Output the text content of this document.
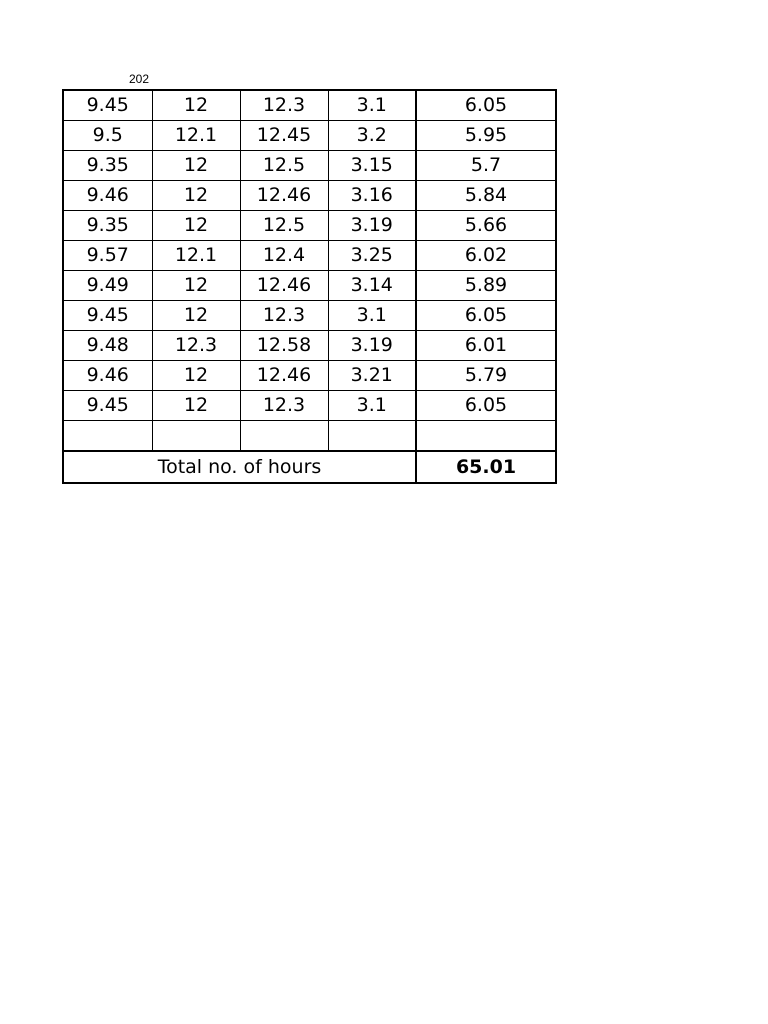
202
9.45	12	12.3	3.1	6.05
9.5	12.1	12.45	3.2	5.95
9.35	12	12.5	3.15	5.7
9.46	12	12.46	3.16	5.84
9.35	12	12.5	3.19	5.66
9.57	12.1	12.4	3.25	6.02
9.49	12	12.46	3.14	5.89
9.45	12	12.3	3.1	6.05
9.48	12.3	12.58	3.19	6.01
9.46	12	12.46	3.21	5.79
9.45	12	12.3	3.1	6.05

Total no. of hours				65.01
